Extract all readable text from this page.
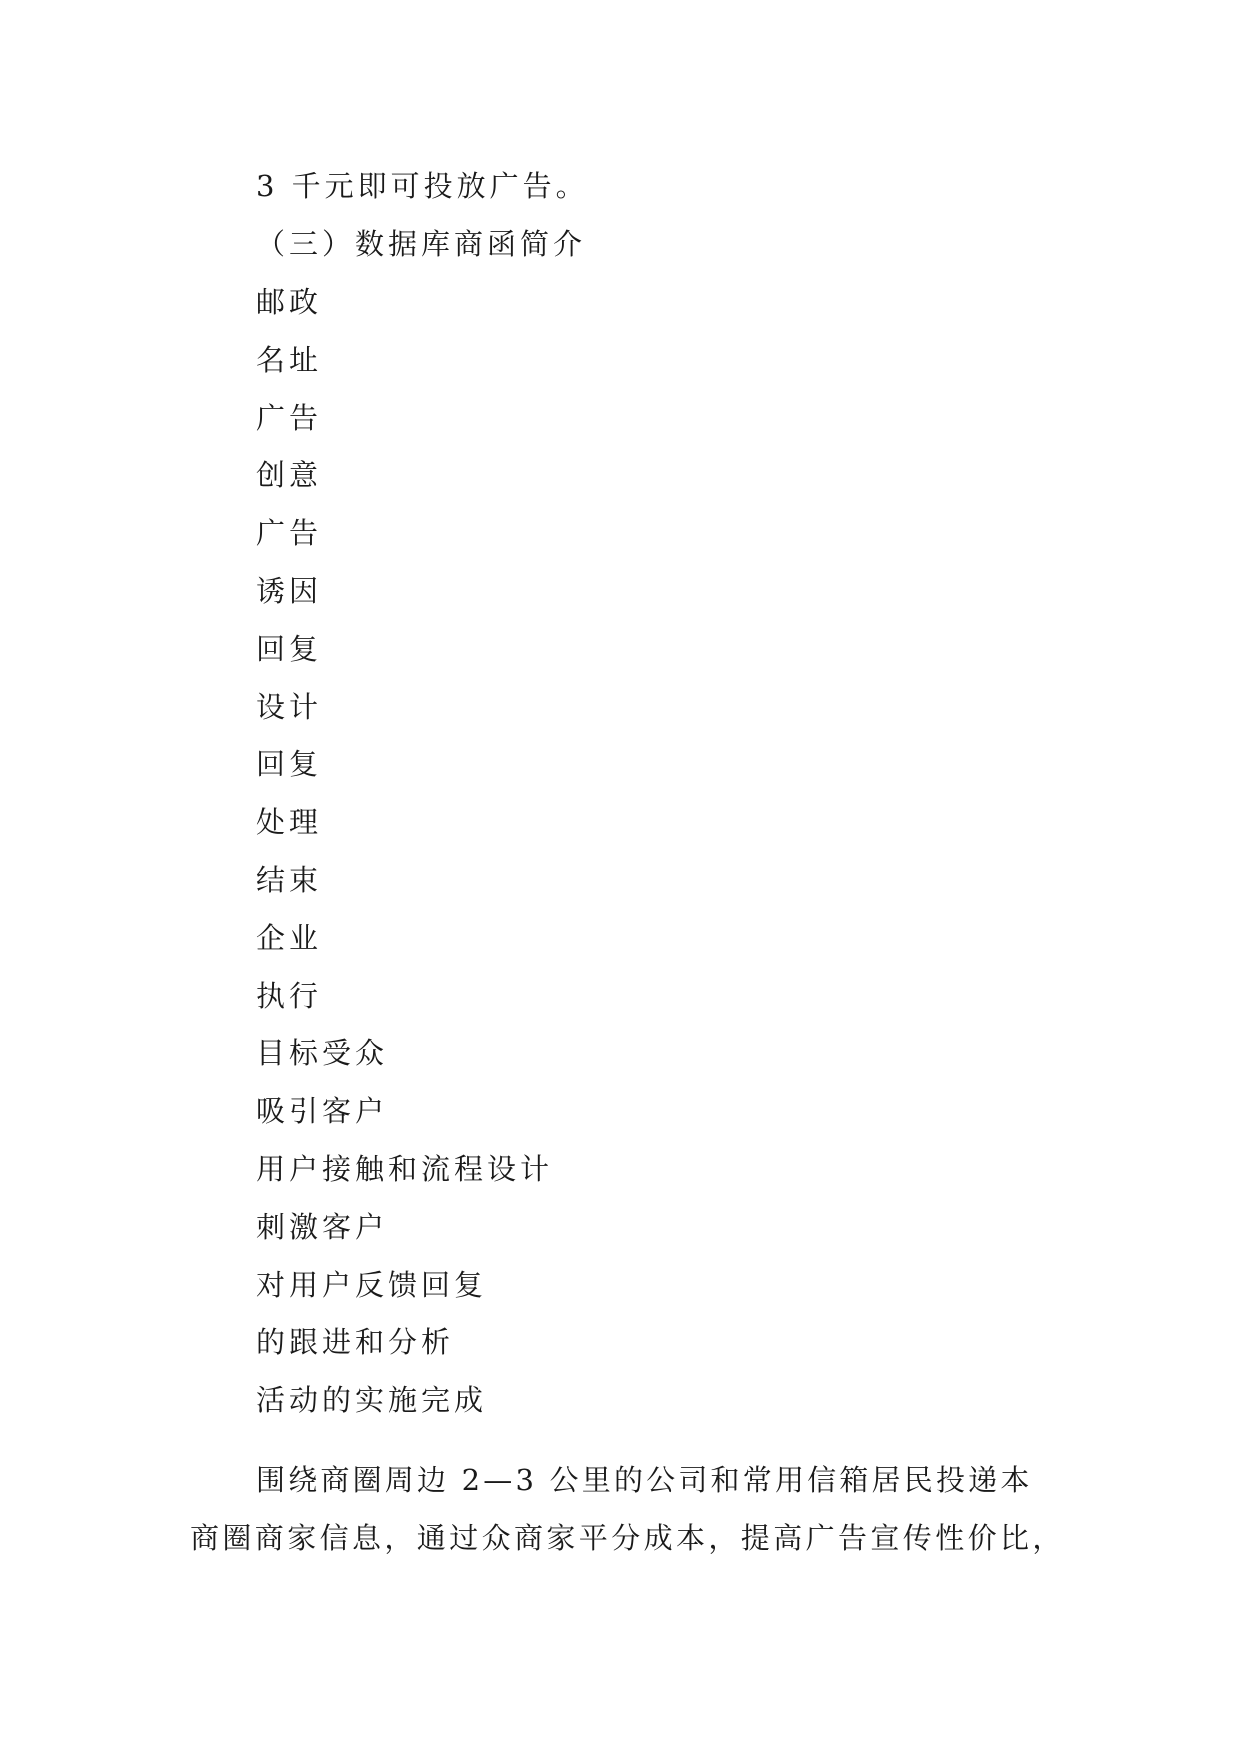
3 千元即可投放广告。
（三）数据库商函简介
邮政
名址
广告
创意
广告
诱因
回复
设计
回复
处理
结束
企业
执行
目标受众
吸引客户
用户接触和流程设计
刺激客户
对用户反馈回复
的跟进和分析
活动的实施完成
围绕商圈周边 2—3 公里的公司和常用信箱居民投递本
商圈商家信息，通过众商家平分成本，提高广告宣传性价比，
